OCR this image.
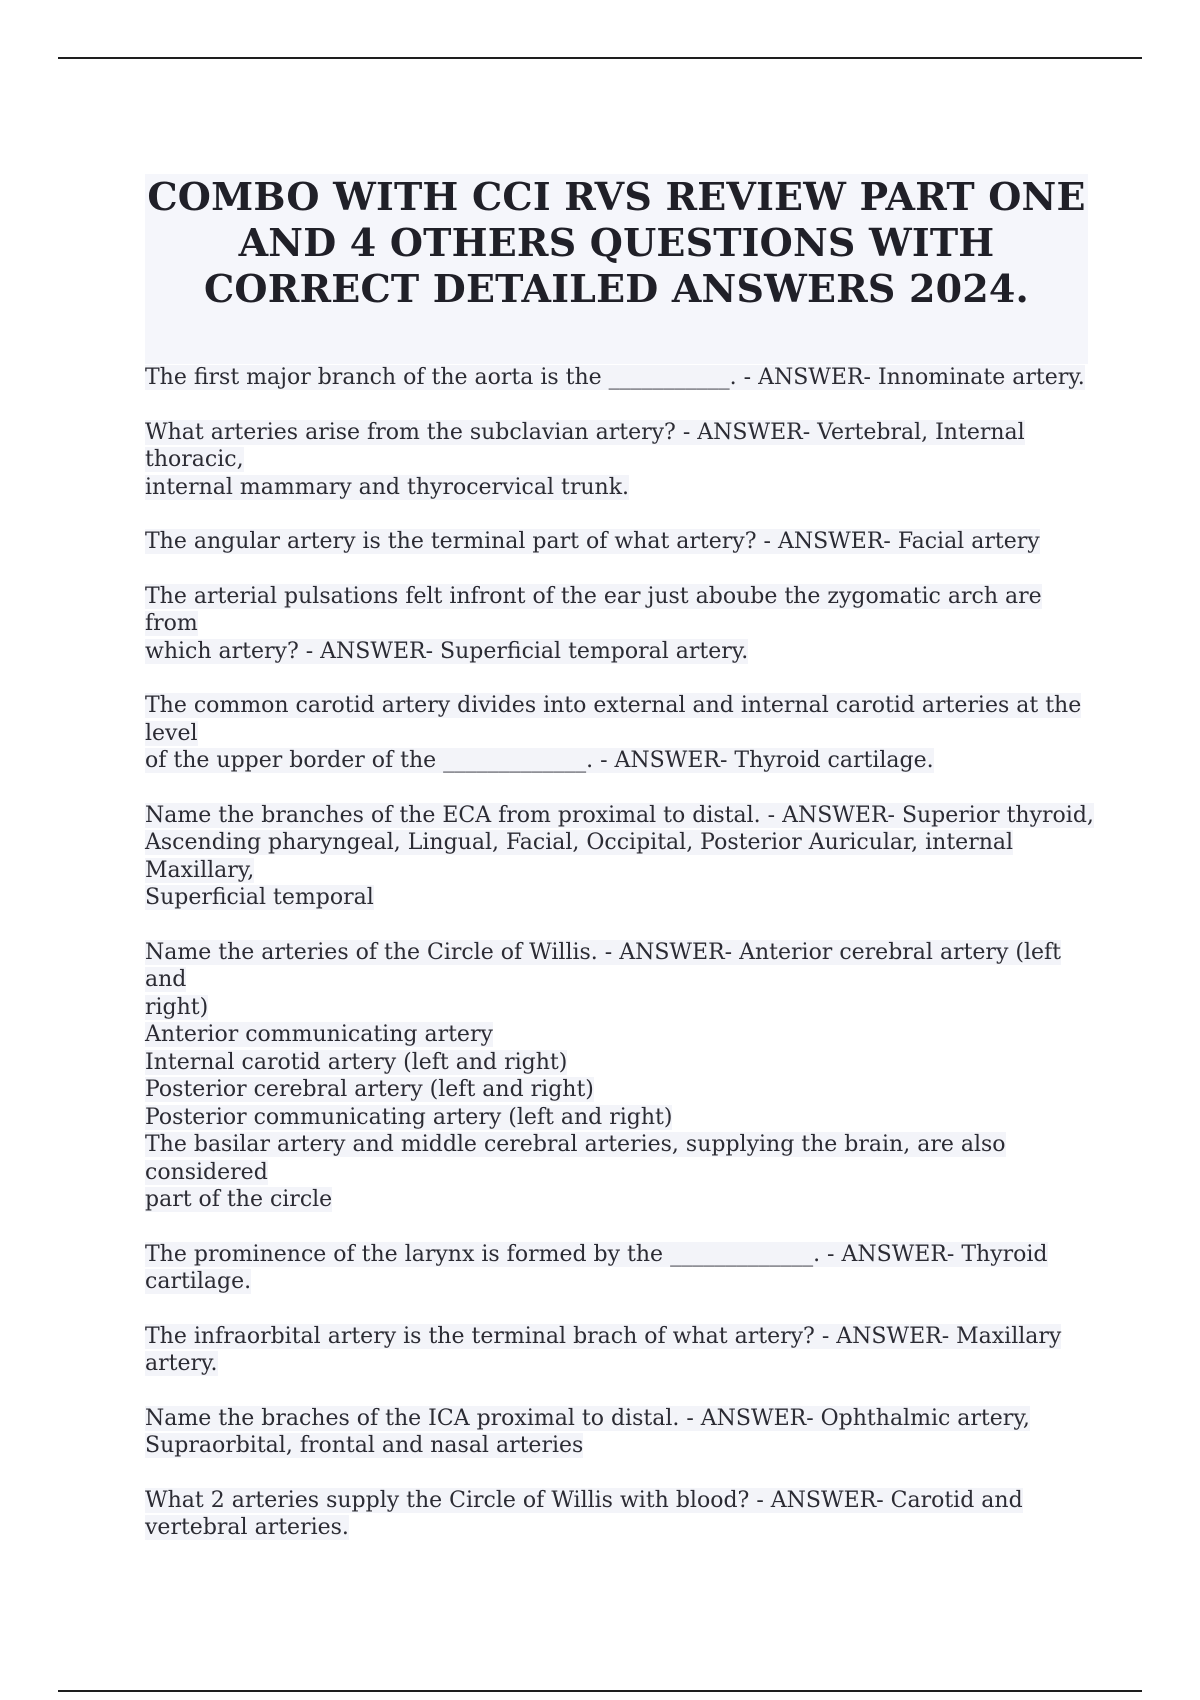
COMBO WITH CCI RVS REVIEW PART ONE AND 4 OTHERS QUESTIONS WITH CORRECT DETAILED ANSWERS 2024.

The first major branch of the aorta is the ___________. - ANSWER- Innominate artery.

What arteries arise from the subclavian artery? - ANSWER- Vertebral, Internal thoracic,
internal mammary and thyrocervical trunk.

The angular artery is the terminal part of what artery? - ANSWER- Facial artery

The arterial pulsations felt infront of the ear just aboube the zygomatic arch are from
which artery? - ANSWER- Superficial temporal artery.

The common carotid artery divides into external and internal carotid arteries at the level
of the upper border of the _____________. - ANSWER- Thyroid cartilage.

Name the branches of the ECA from proximal to distal. - ANSWER- Superior thyroid,
Ascending pharyngeal, Lingual, Facial, Occipital, Posterior Auricular, internal Maxillary,
Superficial temporal

Name the arteries of the Circle of Willis. - ANSWER- Anterior cerebral artery (left and
right)
Anterior communicating artery
Internal carotid artery (left and right)
Posterior cerebral artery (left and right)
Posterior communicating artery (left and right)
The basilar artery and middle cerebral arteries, supplying the brain, are also considered
part of the circle

The prominence of the larynx is formed by the _____________. - ANSWER- Thyroid
cartilage.

The infraorbital artery is the terminal brach of what artery? - ANSWER- Maxillary
artery.

Name the braches of the ICA proximal to distal. - ANSWER- Ophthalmic artery,
Supraorbital, frontal and nasal arteries

What 2 arteries supply the Circle of Willis with blood? - ANSWER- Carotid and
vertebral arteries.
